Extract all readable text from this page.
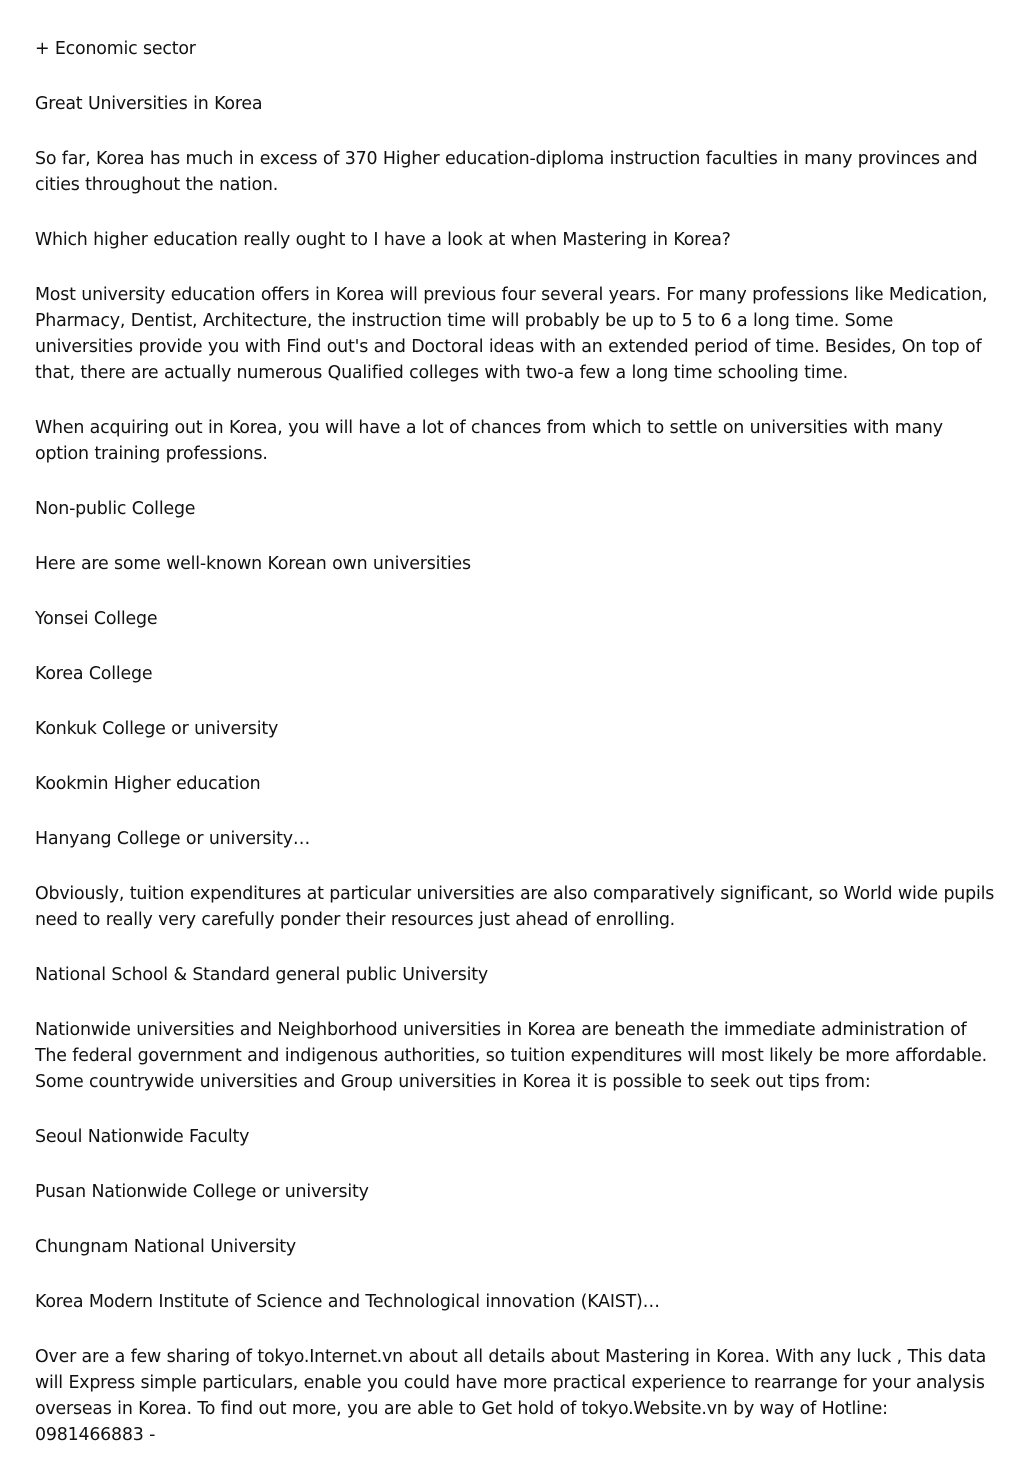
+ Economic sector

Great Universities in Korea

So far, Korea has much in excess of 370 Higher education-diploma instruction faculties in many provinces and cities throughout the nation.

Which higher education really ought to I have a look at when Mastering in Korea?

Most university education offers in Korea will previous four several years. For many professions like Medication, Pharmacy, Dentist, Architecture, the instruction time will probably be up to 5 to 6 a long time. Some universities provide you with Find out's and Doctoral ideas with an extended period of time. Besides, On top of that, there are actually numerous Qualified colleges with two-a few a long time schooling time.

When acquiring out in Korea, you will have a lot of chances from which to settle on universities with many option training professions.

Non-public College

Here are some well-known Korean own universities

Yonsei College

Korea College

Konkuk College or university

Kookmin Higher education

Hanyang College or university…

Obviously, tuition expenditures at particular universities are also comparatively significant, so World wide pupils need to really very carefully ponder their resources just ahead of enrolling.

National School & Standard general public University

Nationwide universities and Neighborhood universities in Korea are beneath the immediate administration of The federal government and indigenous authorities, so tuition expenditures will most likely be more affordable. Some countrywide universities and Group universities in Korea it is possible to seek out tips from:

Seoul Nationwide Faculty

Pusan Nationwide College or university

Chungnam National University

Korea Modern Institute of Science and Technological innovation (KAIST)…

Over are a few sharing of tokyo.Internet.vn about all details about Mastering in Korea. With any luck , This data will Express simple particulars, enable you could have more practical experience to rearrange for your analysis overseas in Korea. To find out more, you are able to Get hold of tokyo.Website.vn by way of Hotline: 0981466883 -
